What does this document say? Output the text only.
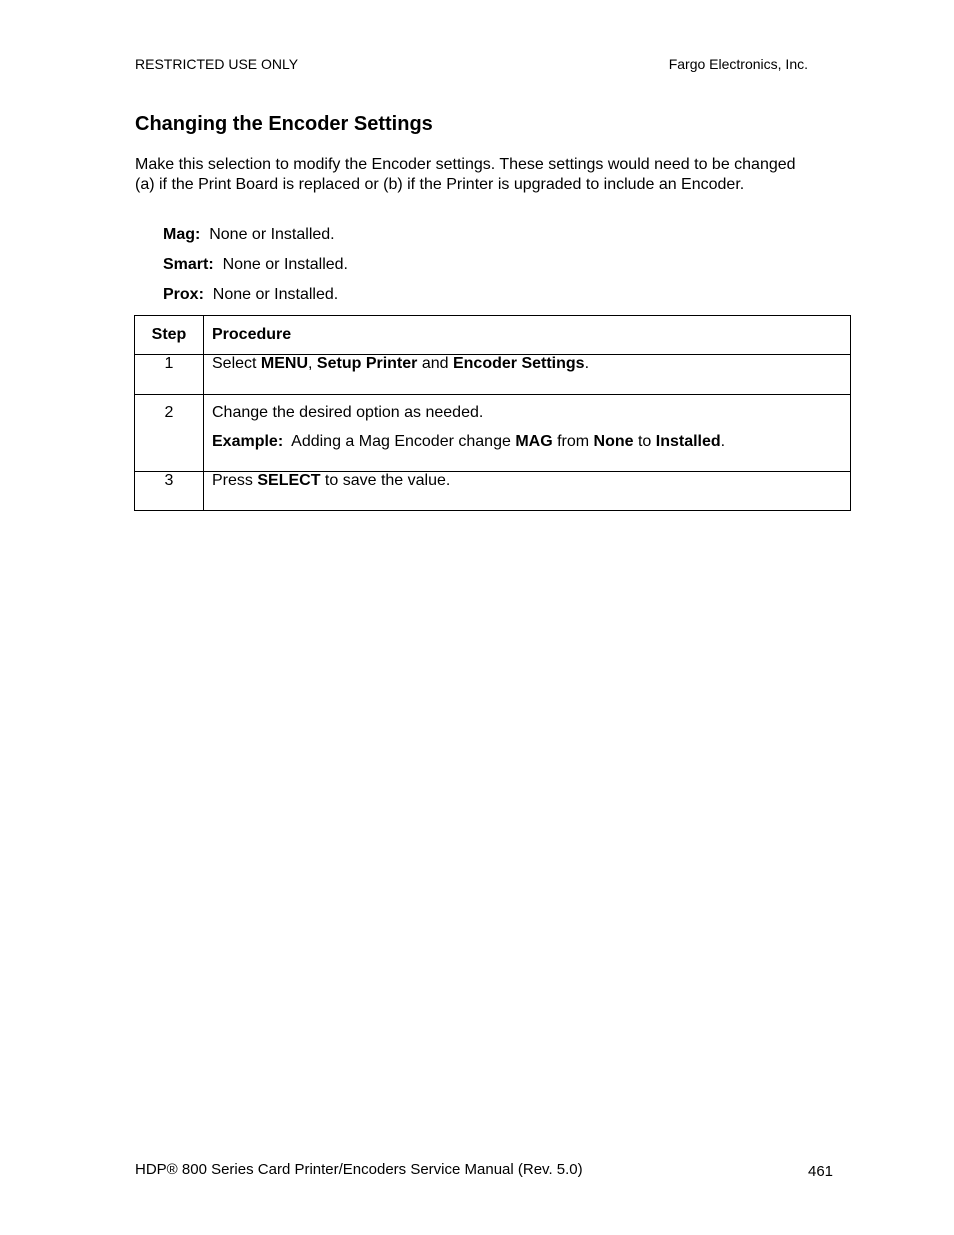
RESTRICTED USE ONLY	Fargo Electronics, Inc.
Changing the Encoder Settings

Make this selection to modify the Encoder settings. These settings would need to be changed (a) if the Print Board is replaced or (b) if the Printer is upgraded to include an Encoder.

Mag: None or Installed.

Smart: None or Installed.

Prox: None or Installed.

Step	Procedure
1	Select MENU, Setup Printer and Encoder Settings.
2	Change the desired option as needed.
Example:  Adding a Mag Encoder change MAG from None to Installed.

3	Press SELECT to save the value.
HDP® 800 Series Card Printer/Encoders Service Manual (Rev. 5.0)	461
